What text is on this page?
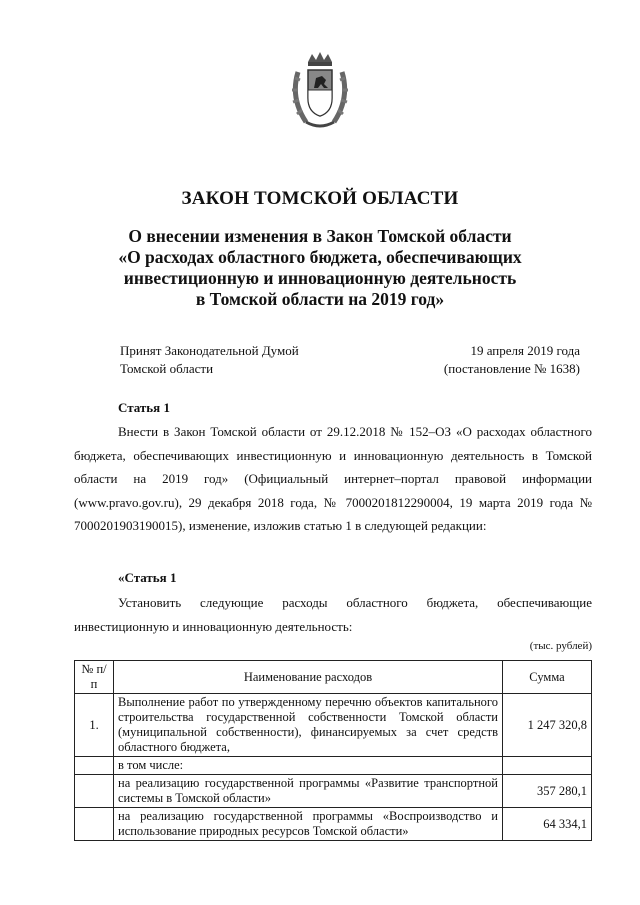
ЗАКОН ТОМСКОЙ ОБЛАСТИ
О внесении изменения в Закон Томской области
«О расходах областного бюджета, обеспечивающих
инвестиционную и инновационную деятельность
в Томской области на 2019 год»
Принят Законодательной Думой
Томской области
19 апреля 2019 года
(постановление № 1638)
Статья 1

Внести в Закон Томской области от 29.12.2018 № 152–ОЗ «О расходах областного бюджета, обеспечивающих инвестиционную и инновационную деятельность в Томской области на 2019 год» (Официальный интернет–портал правовой информации (www.pravo.gov.ru), 29 декабря 2018 года, № 7000201812290004, 19 марта 2019 года № 7000201903190015), изменение, изложив статью 1 в следующей редакции:

«Статья 1

Установить следующие расходы областного бюджета, обеспечивающие инвестиционную и инновационную деятельность:

(тыс. рублей)
№ п/п	Наименование расходов	Сумма
1.	Выполнение работ по утвержденному перечню объектов капитального строительства государственной собственности Томской области (муниципальной собственности), финансируемых за счет средств областного бюджета,	1 247 320,8
	в том числе:	
	на реализацию государственной программы «Развитие транспортной системы в Томской области»	357 280,1
	на реализацию государственной программы «Воспроизводство и использование природных ресурсов Томской области»	64 334,1
